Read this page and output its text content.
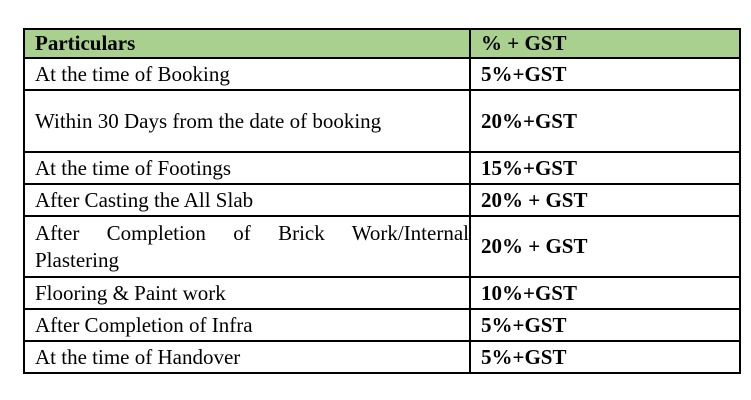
Particulars	% + GST
At the time of Booking	5%+GST
Within 30 Days from the date of booking	20%+GST
At the time of Footings	15%+GST
After Casting the All Slab	20% + GST
After Completion of Brick Work/Internal Plastering	20% + GST
Flooring & Paint work	10%+GST
After Completion of Infra	5%+GST
At the time of Handover	5%+GST
